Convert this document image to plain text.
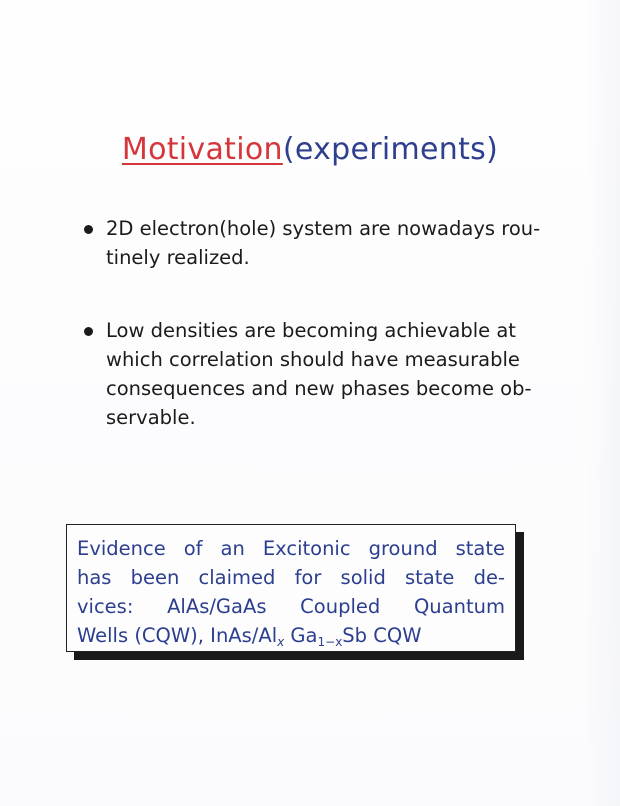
Motivation(experiments)
2D electron(hole) system are nowadays rou-
tinely realized.
Low densities are becoming achievable at
which correlation should have measurable
consequences and new phases become ob-
servable.
Evidence of an Excitonic ground state
has been claimed for solid state de-
vices: AlAs/GaAs Coupled Quantum
Wells (CQW), InAs/$Al_x$ $Ga_{1-x}Sb$ CQW
